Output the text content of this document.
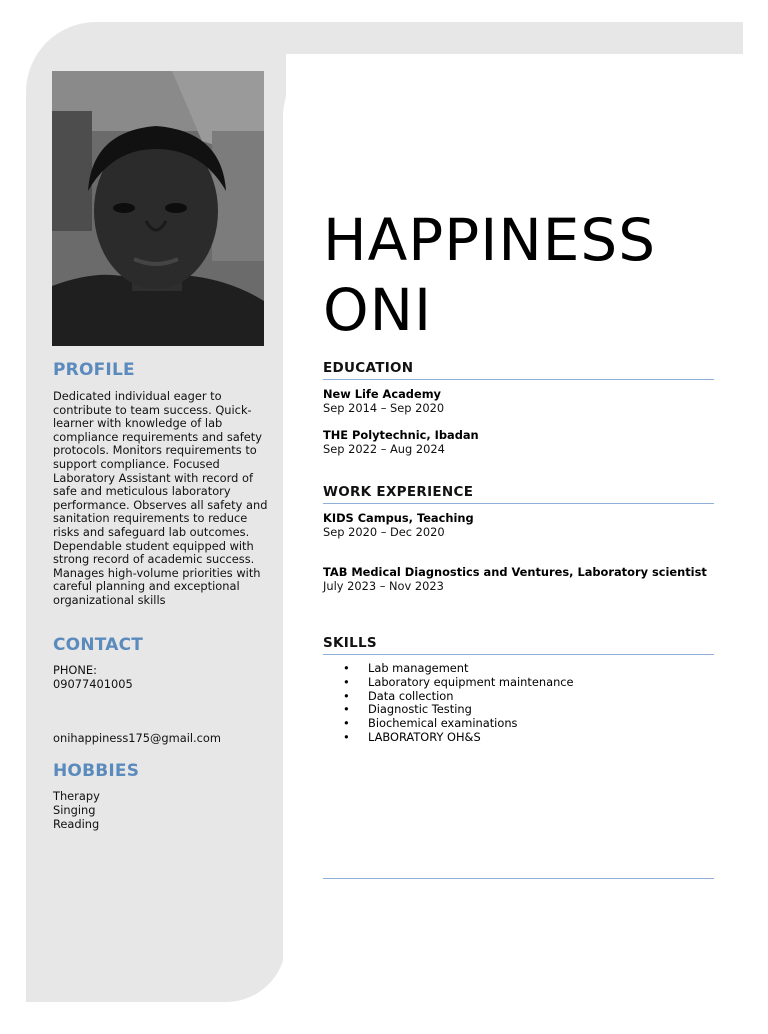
PROFILE
Dedicated individual eager to contribute to team success. Quick-learner with knowledge of lab compliance requirements and safety protocols. Monitors requirements to support compliance. Focused Laboratory Assistant with record of safe and meticulous laboratory performance. Observes all safety and sanitation requirements to reduce risks and safeguard lab outcomes. Dependable student equipped with strong record of academic success. Manages high-volume priorities with careful planning and exceptional organizational skills
CONTACT
PHONE:
09077401005
onihappiness175@gmail.com
HOBBIES
Therapy
Singing
Reading
HAPPINESS
ONI
EDUCATION
New Life Academy
Sep 2014 – Sep 2020
THE Polytechnic, Ibadan
Sep 2022 – Aug 2024
WORK EXPERIENCE
KIDS Campus, Teaching
Sep 2020 – Dec 2020
TAB Medical Diagnostics and Ventures, Laboratory scientist
July 2023 – Nov 2023
SKILLS
• Lab management
• Laboratory equipment maintenance
• Data collection
• Diagnostic Testing
• Biochemical examinations
• LABORATORY OH&S
